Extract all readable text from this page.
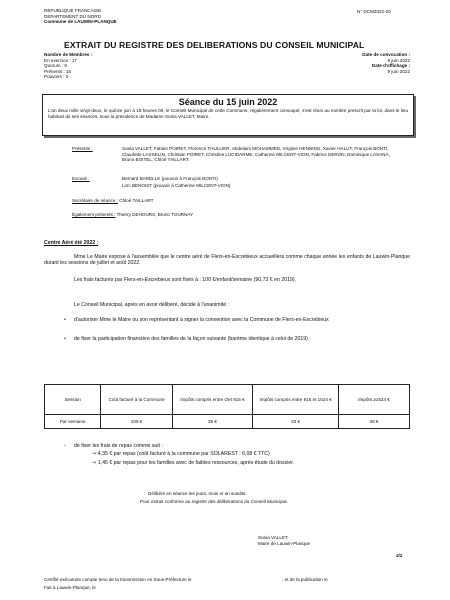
REPUBLIQUE FRANCAISE
DEPARTEMENT DU NORD
Commune de LAUWIN-PLANQUE
N° DCM2022-20
EXTRAIT DU REGISTRE DES DELIBERATIONS DU CONSEIL MUNICIPAL
Nombre de Membres :
En exercice : 17
Quorum : 9
Présents : 15
Pouvoirs : 2
Date de convocation :
9 juin 2022
Date d'affichage :
9 juin 2022
Séance du 15 juin 2022
L'an deux mille vingt-deux, le quinze juin à 19 heures 00, le Conseil Municipal de cette Commune, régulièrement convoqué, s'est réuni au nombre prescrit par la loi, dans le lieu habituel de ses séances, sous la présidence de Madame Sonia VALLET, Maire.
Présents :	Sonia VALLET, Fabien POIRET, Florence THULLIER, Abdelaim MOHAMMED, Virginie HENNING, Xavier HALUT, François BONTI, Claudette LASSELIN, Christian POIRET, Christine LUCIDARME, Catherine MILCENT-VION, Fabrice DERON, Dominique LASANA, Bruno BOITEL, Chloé TAILLART.
Excusé :	Bernard BARELLE (pouvoir à François BONTI)
Loïc BENOIST (pouvoir à Catherine MILCENT-VION)
Secrétaire de séance : Chloé TAILLART
Également présents : Thierry DEHOURS, Bruno TOURNAY
Centre Aéré été 2022 :
Mme Le Maire expose à l'assemblée que le centre aéré de Flers-en-Escrebieux accueillera comme chaque année les enfants de Lauwin-Planque durant les sessions de juillet et août 2022.
Les frais facturés par Flers-en-Escrebieux sont fixés à : 100 €/enfant/semaine (90,73 € en 2019).
Le Conseil Municipal, après en avoir délibéré, décide à l'unanimité :
•	d'autoriser Mme le Maire ou son représentant à signer la convention avec la Commune de Flers-en-Escrebieux
•	de fixer la participation financière des familles de la façon suivante (barème identique à celui de 2019) :
Session	Coût facturé à la Commune	Impôts compris entre Oet 915 €	Impôts compris entre 915 et 1524 €	Impôts ≥1524 €
Par semaine	100 €	29 €	33 €	39 €
-	de fixer les frais de repas comme suit :
⇒ 4,35 € par repas (coût facturé à la commune par SOLAREST : 6,08 € TTC)
⇒ 1,45 € par repas pour les familles avec de faibles ressources, après étude du dossier.
Délibéré en séance les jours, mois et an susdits.
Pour extrait conforme au registre des délibérations du Conseil Municipal.
Sonia VALLET,
Maire de Lauwin-Planque
2/2
Certifié exécutoire compte tenu de la transmission en Sous-Préfecture le	, et de la publication le
Fait à Lauwin-Planque, le
